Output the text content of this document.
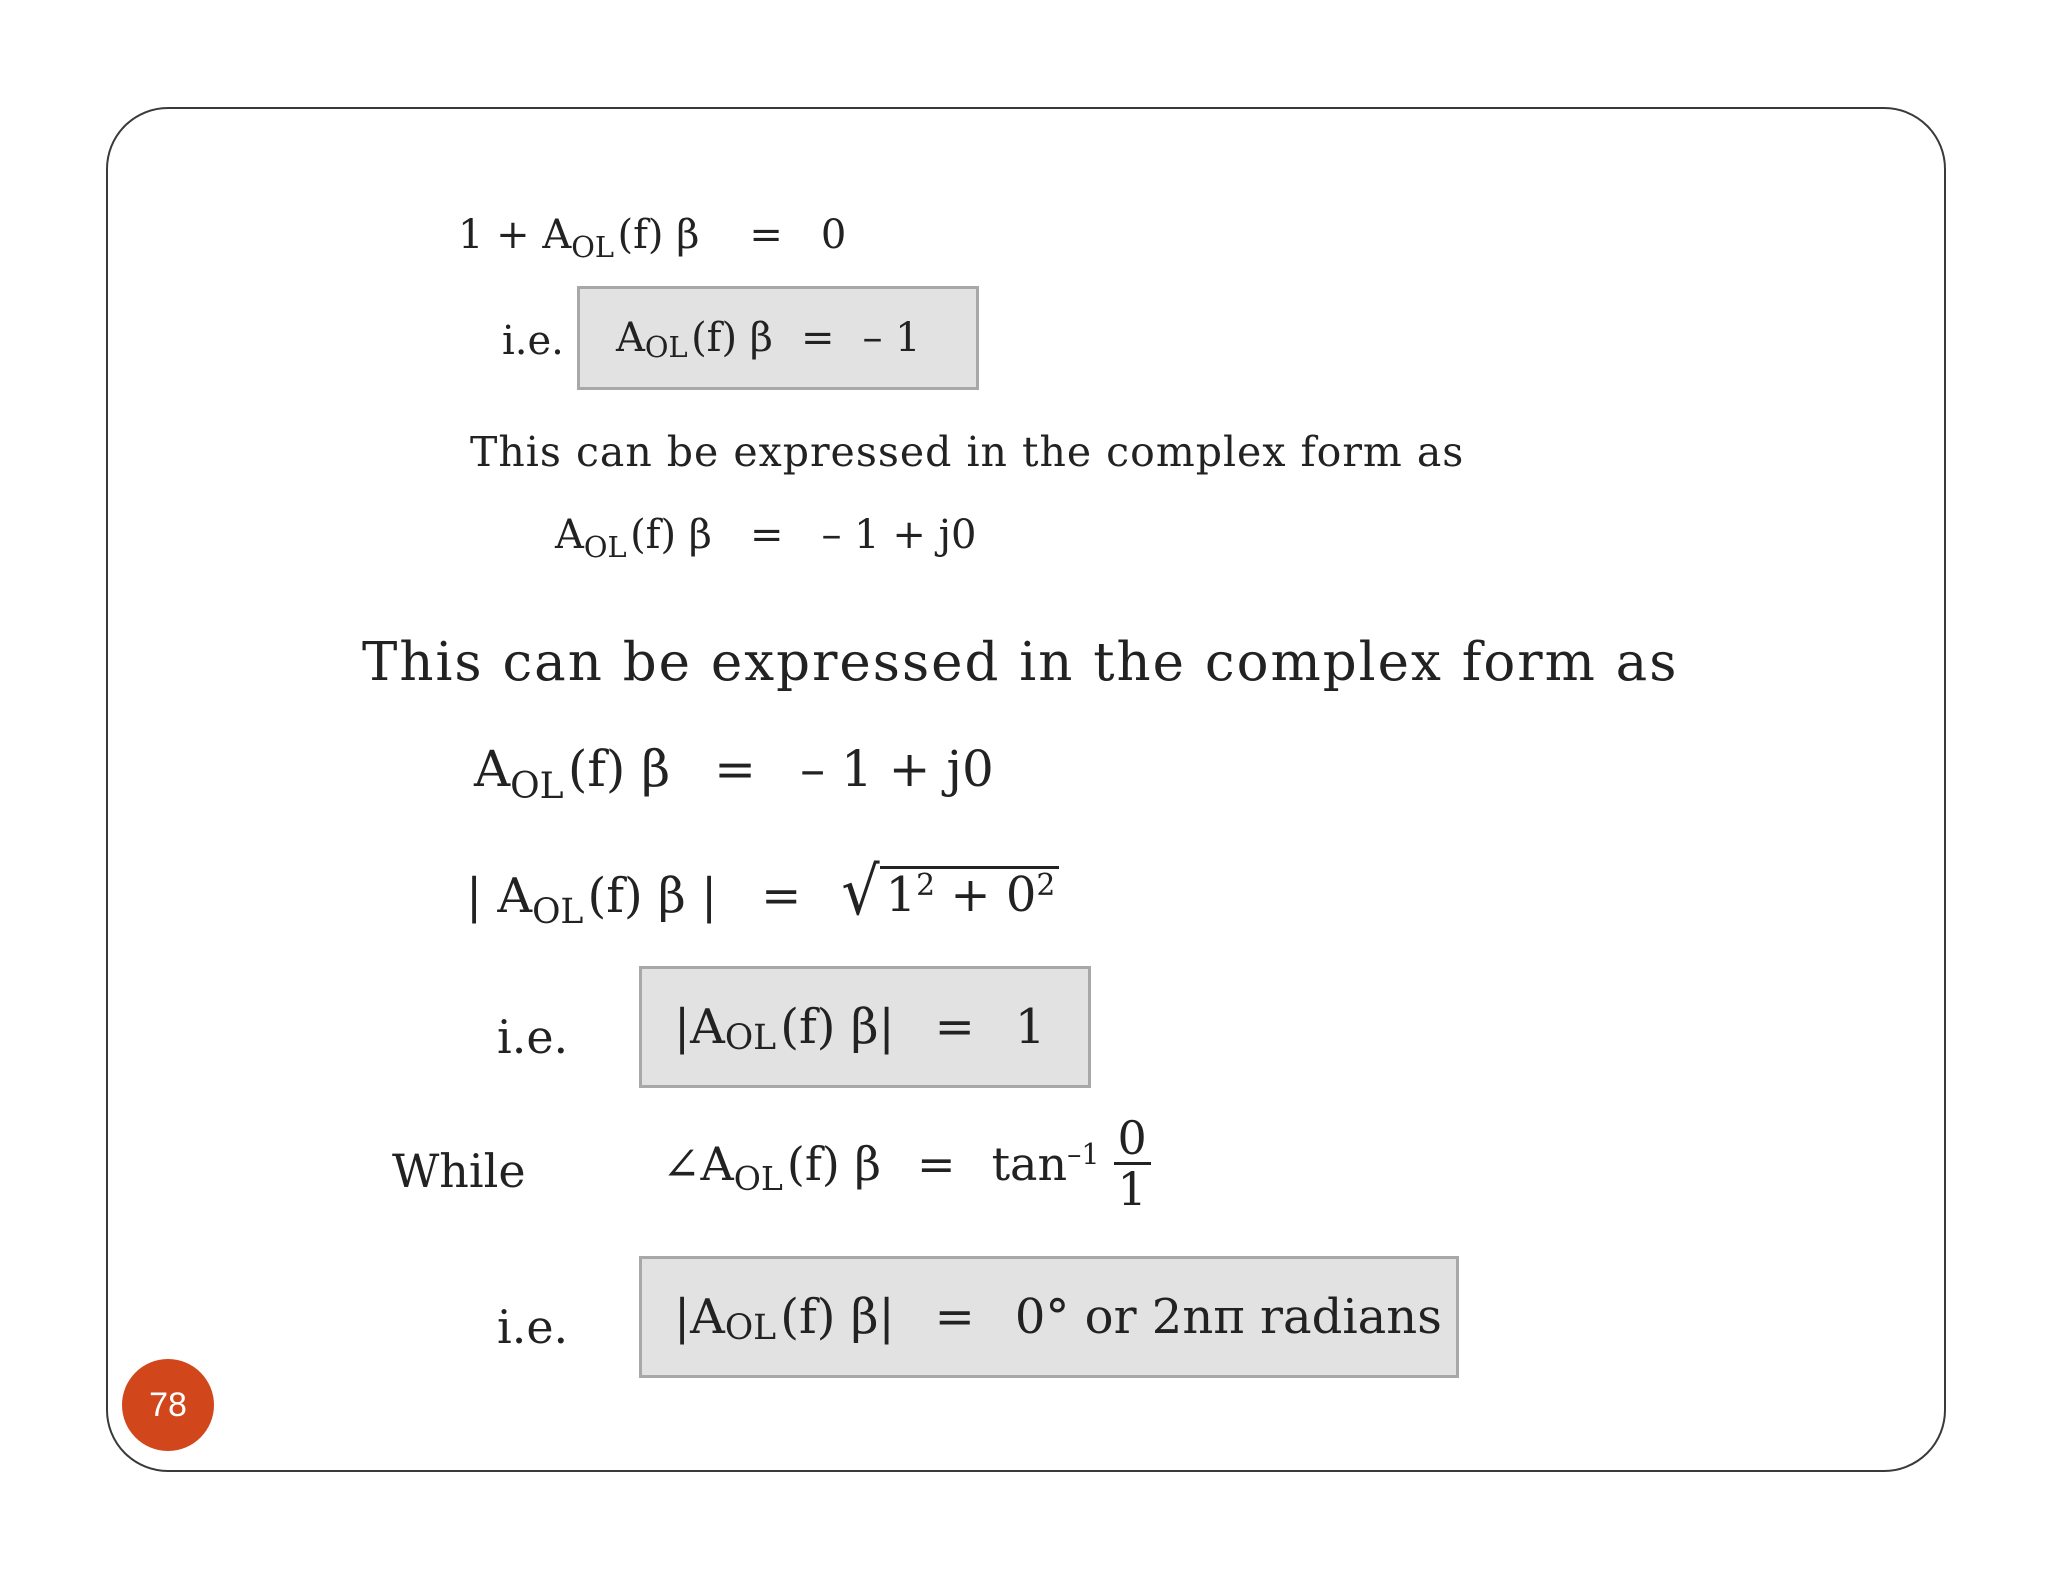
1 + A OL (f) β = 0
i.e. A OL (f) β = – 1
This can be expressed in the complex form as
A OL (f) β = – 1 + j0
This can be expressed in the complex form as
A OL (f) β = – 1 + j0
| A OL (f) β | = √ $1^2 + 0^2$
i.e. |A OL (f) β| = 1
While	∠A OL (f) $\beta = \tan -1 \frac{0}{1}$
i.e. |A OL (f) β| = 0° or 2nπ radians
78
